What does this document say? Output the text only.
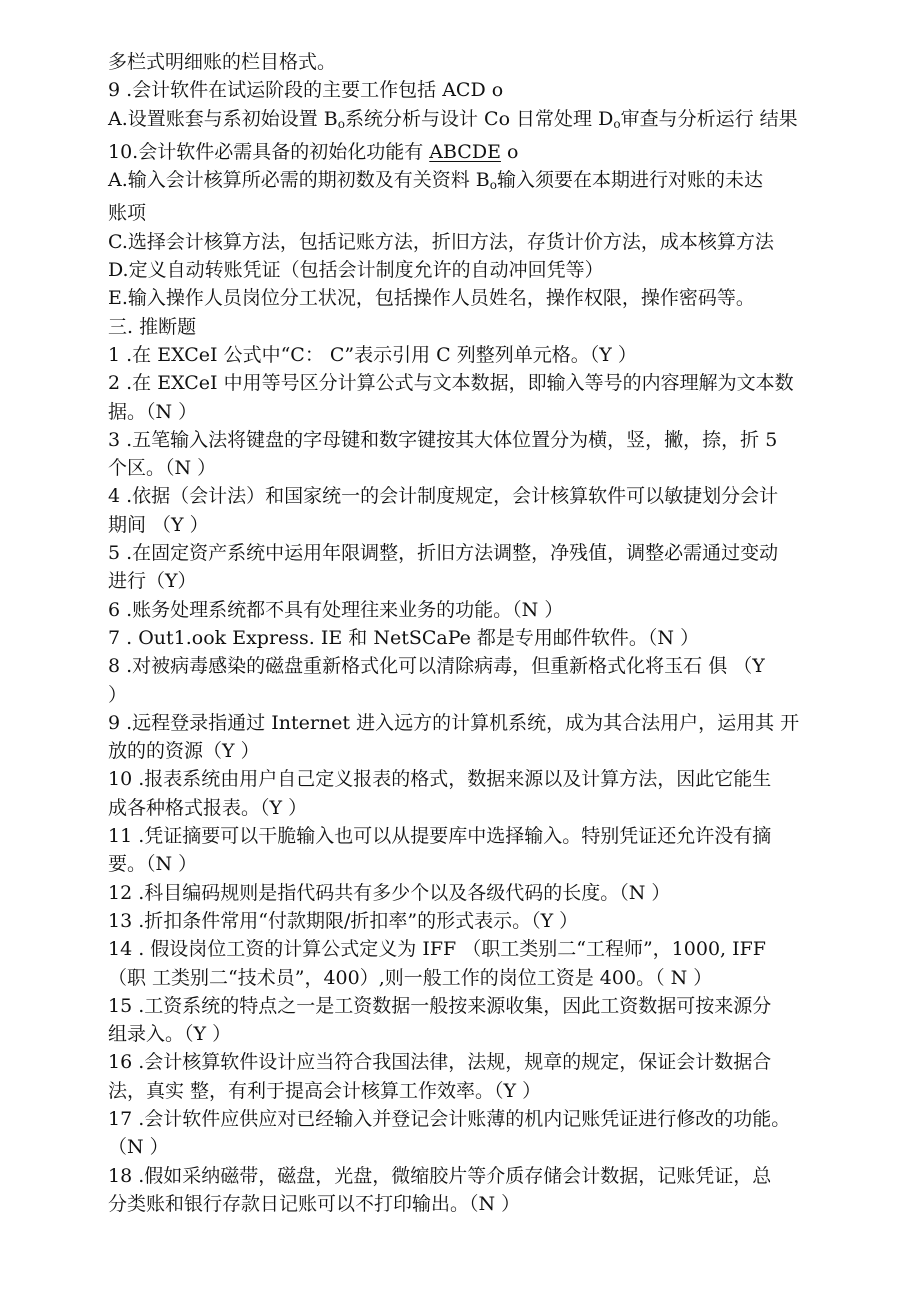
多栏式明细账的栏目格式。
9 .会计软件在试运阶段的主要工作包括 ACD o
A.设置账套与系初始设置 $B_o$系统分析与设计 Co 日常处理 $D_o$审查与分析运行 结果
10.会计软件必需具备的初始化功能有 ABCDE o
A.输入会计核算所必需的期初数及有关资料 $B_o$输入须要在本期进行对账的未达
账项
C.选择会计核算方法，包括记账方法，折旧方法，存货计价方法，成本核算方法
D.定义自动转账凭证（包括会计制度允许的自动冲回凭等）
E.输入操作人员岗位分工状况，包括操作人员姓名，操作权限，操作密码等。
三. 推断题
1 .在 EXCeI 公式中“C： C”表示引用 C 列整列单元格。（Y ）
2 .在 EXCeI 中用等号区分计算公式与文本数据，即输入等号的内容理解为文本数
据。（N ）
3 .五笔输入法将键盘的字母键和数字键按其大体位置分为横，竖，撇，捺，折 5
个区。（N ）
4 .依据（会计法）和国家统一的会计制度规定，会计核算软件可以敏捷划分会计
期间 （Y ）
5 .在固定资产系统中运用年限调整，折旧方法调整，净残值，调整必需通过变动
进行（Y）
6 .账务处理系统都不具有处理往来业务的功能。（N ）
7 . Out1.ook Express. IE 和 NetSCaPe 都是专用邮件软件。（N ）
8 .对被病毒感染的磁盘重新格式化可以清除病毒，但重新格式化将玉石 俱 （Y
）
9 .远程登录指通过 Internet 进入远方的计算机系统，成为其合法用户，运用其 开
放的的资源（Y ）
10 .报表系统由用户自己定义报表的格式，数据来源以及计算方法，因此它能生
成各种格式报表。（Y ）
11 .凭证摘要可以干脆输入也可以从提要库中选择输入。特别凭证还允许没有摘
要。（N ）
12 .科目编码规则是指代码共有多少个以及各级代码的长度。（N ）
13 .折扣条件常用“付款期限/折扣率”的形式表示。（Y ）
14 . 假设岗位工资的计算公式定义为 IFF （职工类别二“工程师”，1000, IFF
（职 工类别二“技术员”，400）,则一般工作的岗位工资是 400。（ N ）
15 .工资系统的特点之一是工资数据一般按来源收集，因此工资数据可按来源分
组录入。（Y ）
16 .会计核算软件设计应当符合我国法律，法规，规章的规定，保证会计数据合
法，真实 整，有利于提高会计核算工作效率。（Y ）
17 .会计软件应供应对已经输入并登记会计账薄的机内记账凭证进行修改的功能。
（N ）
18 .假如采纳磁带，磁盘，光盘，微缩胶片等介质存储会计数据，记账凭证，总
分类账和银行存款日记账可以不打印输出。（N ）
